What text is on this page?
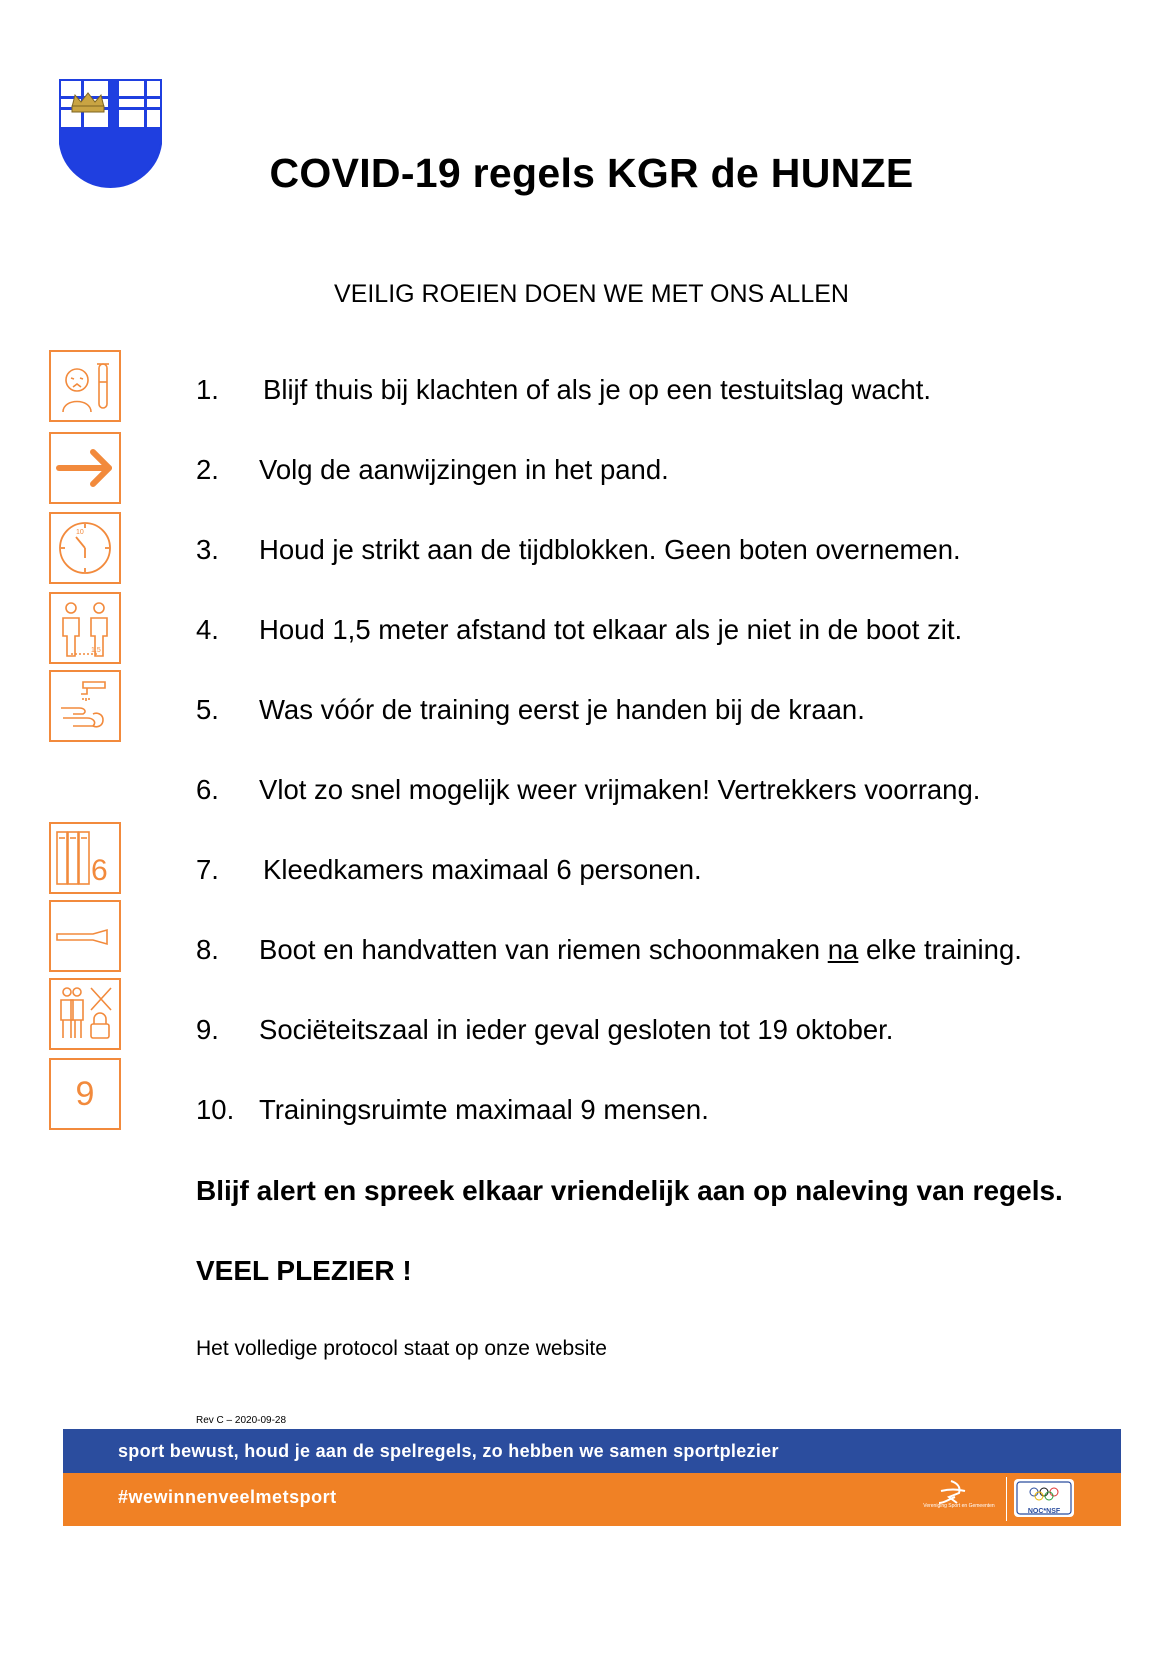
COVID-19 regels KGR de HUNZE
VEILIG ROEIEN DOEN WE MET ONS ALLEN
10
1,5
6
9
1.	Blijf thuis bij klachten of als je op een testuitslag wacht.
2.	Volg de aanwijzingen in het pand.
3.	Houd je strikt aan de tijdblokken. Geen boten overnemen.
4.	Houd 1,5 meter afstand tot elkaar als je niet in de boot zit.
5.	Was vóór de training eerst je handen bij de kraan.
6.	Vlot zo snel mogelijk weer vrijmaken! Vertrekkers voorrang.
7.	Kleedkamers maximaal 6 personen.
8.	Boot en handvatten van riemen schoonmaken na elke training.
9.	Sociëteitszaal in ieder geval gesloten tot 19 oktober.
10. Trainingsruimte maximaal 9 mensen.
Blijf alert en spreek elkaar vriendelijk aan op naleving van regels.
VEEL PLEZIER !
Het volledige protocol staat op onze website
Rev C – 2020-09-28
sport bewust, houd je aan de spelregels, zo hebben we samen sportplezier
#wewinnenveelmetsport	Vereniging Sport en Gemeenten
NOC*NSF
